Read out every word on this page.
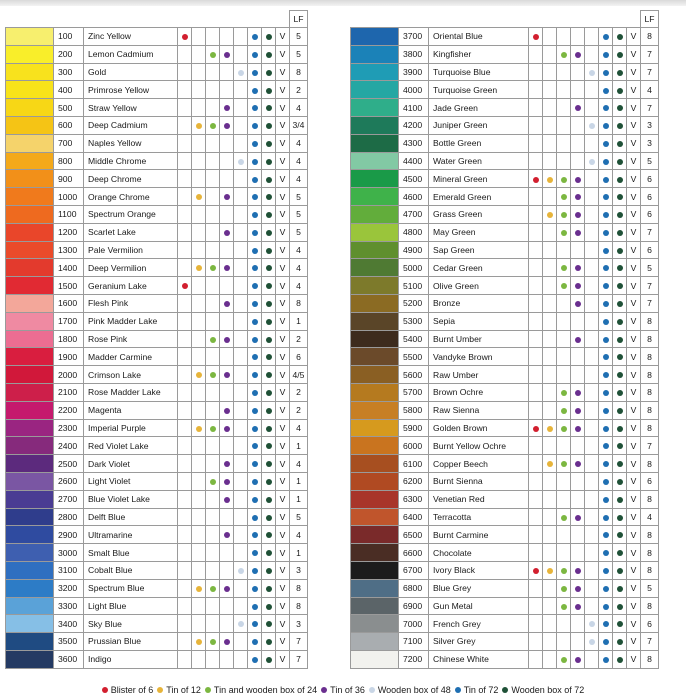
											LF
	100	Zinc Yellow								V	5
	200	Lemon Cadmium								V	5
	300	Gold								V	8
	400	Primrose Yellow								V	2
	500	Straw Yellow								V	4
	600	Deep Cadmium								V	3/4
	700	Naples Yellow								V	4
	800	Middle Chrome								V	4
	900	Deep Chrome								V	4
	1000	Orange Chrome								V	5
	1100	Spectrum Orange								V	5
	1200	Scarlet Lake								V	5
	1300	Pale Vermilion								V	4
	1400	Deep Vermilion								V	4
	1500	Geranium Lake								V	4
	1600	Flesh Pink								V	8
	1700	Pink Madder Lake								V	1
	1800	Rose Pink								V	2
	1900	Madder Carmine								V	6
	2000	Crimson Lake								V	4/5
	2100	Rose Madder Lake								V	2
	2200	Magenta								V	2
	2300	Imperial Purple								V	4
	2400	Red Violet Lake								V	1
	2500	Dark Violet								V	4
	2600	Light Violet								V	1
	2700	Blue Violet Lake								V	1
	2800	Delft Blue								V	5
	2900	Ultramarine								V	4
	3000	Smalt Blue								V	1
	3100	Cobalt Blue								V	3
	3200	Spectrum Blue								V	8
	3300	Light Blue								V	8
	3400	Sky Blue								V	3
	3500	Prussian Blue								V	7
	3600	Indigo								V	7
											LF
	3700	Oriental Blue								V	8
	3800	Kingfisher								V	7
	3900	Turquoise Blue								V	7
	4000	Turquoise Green								V	4
	4100	Jade Green								V	7
	4200	Juniper Green								V	3
	4300	Bottle Green								V	3
	4400	Water Green								V	5
	4500	Mineral Green								V	6
	4600	Emerald Green								V	6
	4700	Grass Green								V	6
	4800	May Green								V	7
	4900	Sap Green								V	6
	5000	Cedar Green								V	5
	5100	Olive Green								V	7
	5200	Bronze								V	7
	5300	Sepia								V	8
	5400	Burnt Umber								V	8
	5500	Vandyke Brown								V	8
	5600	Raw Umber								V	8
	5700	Brown Ochre								V	8
	5800	Raw Sienna								V	8
	5900	Golden Brown								V	8
	6000	Burnt Yellow Ochre								V	7
	6100	Copper Beech								V	8
	6200	Burnt Sienna								V	6
	6300	Venetian Red								V	8
	6400	Terracotta								V	4
	6500	Burnt Carmine								V	8
	6600	Chocolate								V	8
	6700	Ivory Black								V	8
	6800	Blue Grey								V	5
	6900	Gun Metal								V	8
	7000	French Grey								V	6
	7100	Silver Grey								V	7
	7200	Chinese White								V	8
Blister of 6 Tin of 12 Tin and wooden box of 24 Tin of 36 Wooden box of 48 Tin of 72 Wooden box of 72
